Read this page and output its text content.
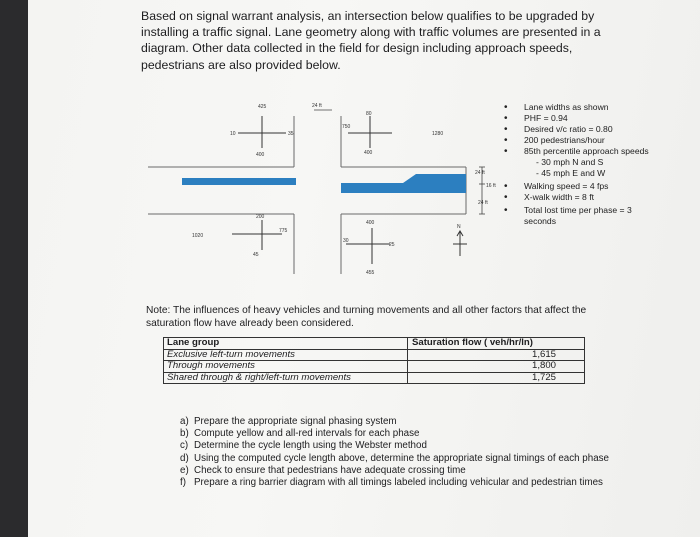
Based on signal warrant analysis, an intersection below qualifies to be upgraded by installing a traffic signal. Lane geometry along with traffic volumes are presented in a diagram. Other data collected in the field for design including approach speeds, pedestrians are also provided below.
425
10	35
400
24 ft
80
750
1280
400
200
1020
775
45
400
30
25
455
24 ft
16 ft
24 ft
N
• Lane widths as shown
• PHF = 0.94
• Desired v/c ratio = 0.80
• 200 pedestrians/hour
• 85th percentile approach speeds
- 30 mph N and S
- 45 mph E and W
• Walking speed = 4 fps
• X-walk width = 8 ft
• Total lost time per phase = 3 seconds
Note: The influences of heavy vehicles and turning movements and all other factors that affect the saturation flow have already been considered.
Lane group	Saturation flow ( veh/hr/ln)
Exclusive left-turn movements	1,615
Through movements	1,800
Shared through & right/left-turn movements	1,725
a) Prepare the appropriate signal phasing system
b) Compute yellow and all-red intervals for each phase
c) Determine the cycle length using the Webster method
d) Using the computed cycle length above, determine the appropriate signal timings of each phase
e) Check to ensure that pedestrians have adequate crossing time
f) Prepare a ring barrier diagram with all timings labeled including vehicular and pedestrian times
